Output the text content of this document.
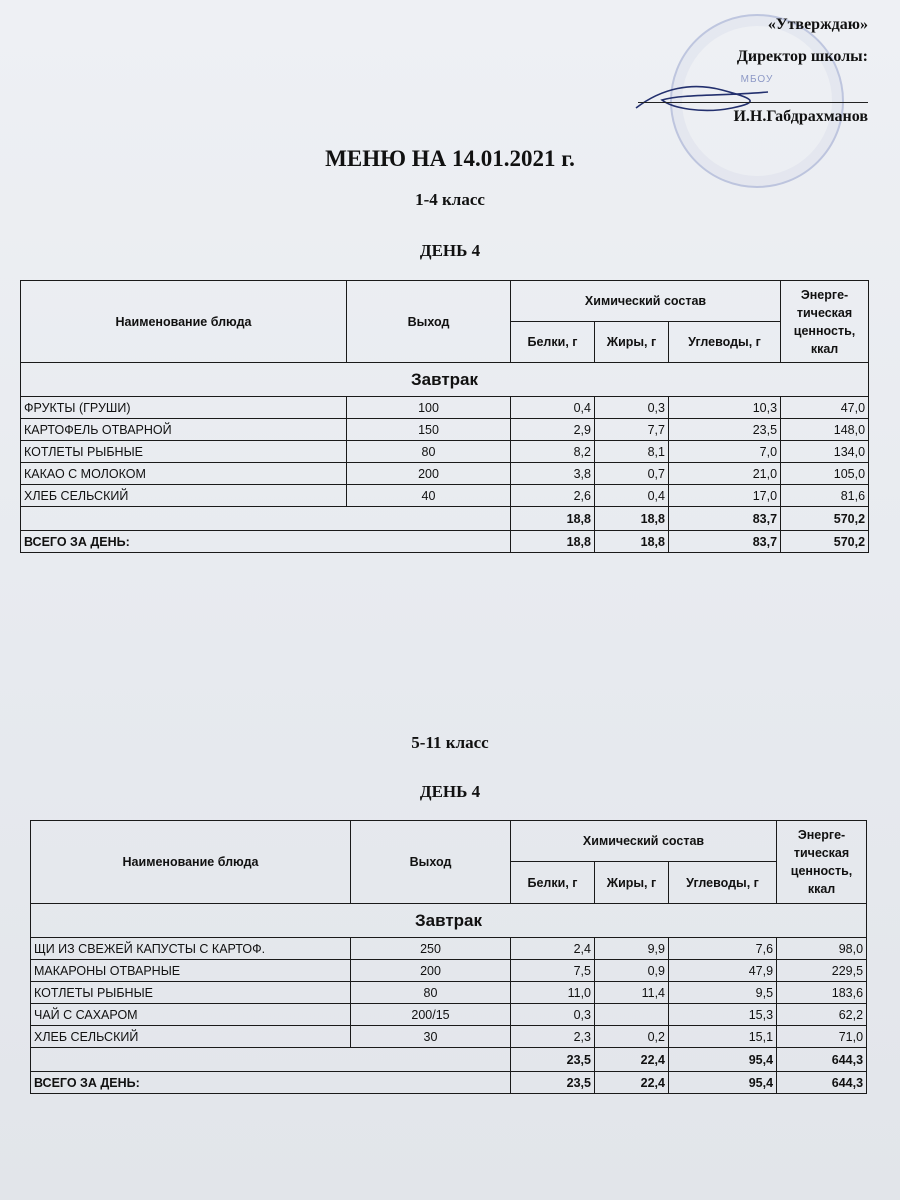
МБОУ
«Утверждаю»
Директор школы:
И.Н.Габдрахманов
МЕНЮ НА 14.01.2021 г.
1-4 класс
ДЕНЬ 4
Наименование блюда	Выход	Химический состав			Энерге-тическая ценность, ккал
		Белки, г	Жиры, г	Углеводы, г	
Завтрак					
ФРУКТЫ (ГРУШИ)	100	0,4	0,3	10,3	47,0
КАРТОФЕЛЬ ОТВАРНОЙ	150	2,9	7,7	23,5	148,0
КОТЛЕТЫ РЫБНЫЕ	80	8,2	8,1	7,0	134,0
КАКАО С МОЛОКОМ	200	3,8	0,7	21,0	105,0
ХЛЕБ СЕЛЬСКИЙ	40	2,6	0,4	17,0	81,6
		18,8	18,8	83,7	570,2
ВСЕГО ЗА ДЕНЬ:		18,8	18,8	83,7	570,2
5-11 класс
ДЕНЬ 4
Наименование блюда	Выход	Химический состав			Энерге-тическая ценность, ккал
		Белки, г	Жиры, г	Углеводы, г	
Завтрак					
ЩИ ИЗ СВЕЖЕЙ КАПУСТЫ С КАРТОФ.	250	2,4	9,9	7,6	98,0
МАКАРОНЫ ОТВАРНЫЕ	200	7,5	0,9	47,9	229,5
КОТЛЕТЫ РЫБНЫЕ	80	11,0	11,4	9,5	183,6
ЧАЙ С САХАРОМ	200/15	0,3		15,3	62,2
ХЛЕБ СЕЛЬСКИЙ	30	2,3	0,2	15,1	71,0
		23,5	22,4	95,4	644,3
ВСЕГО ЗА ДЕНЬ:		23,5	22,4	95,4	644,3
